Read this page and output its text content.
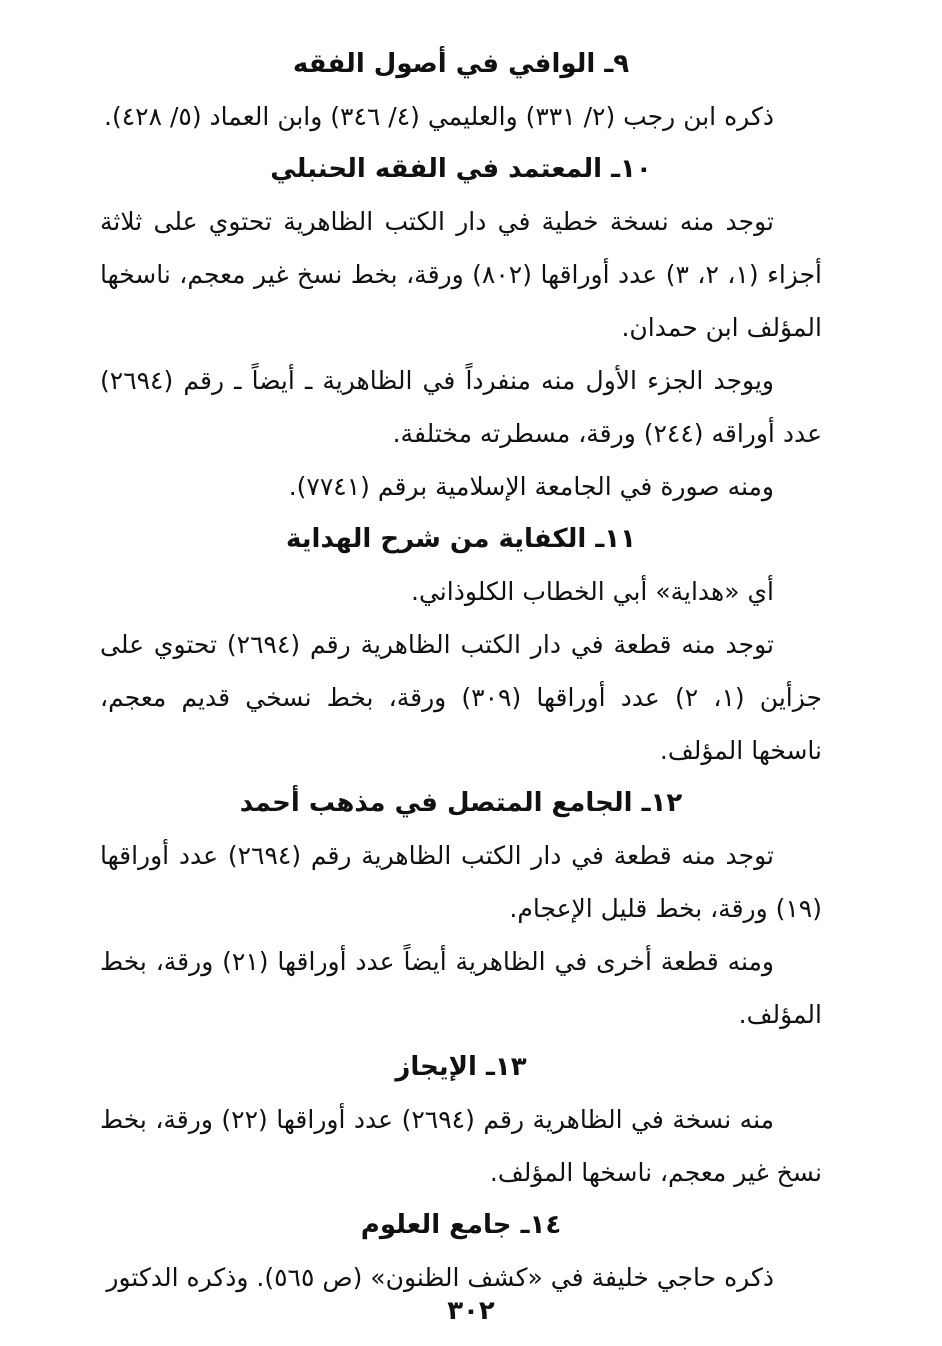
٩ـ الوافي في أصول الفقه

ذكره ابن رجب (٢/ ٣٣١) والعليمي (٤/ ٣٤٦) وابن العماد (٥/ ٤٢٨).

١٠ـ المعتمد في الفقه الحنبلي

توجد منه نسخة خطية في دار الكتب الظاهرية تحتوي على ثلاثة أجزاء (١، ٢، ٣) عدد أوراقها (٨٠٢) ورقة، بخط نسخ غير معجم، ناسخها المؤلف ابن حمدان.

ويوجد الجزء الأول منه منفرداً في الظاهرية ـ أيضاً ـ رقم (٢٦٩٤) عدد أوراقه (٢٤٤) ورقة، مسطرته مختلفة.

ومنه صورة في الجامعة الإسلامية برقم (٧٧٤١).

١١ـ الكفاية من شرح الهداية

أي «هداية» أبي الخطاب الكلوذاني.

توجد منه قطعة في دار الكتب الظاهرية رقم (٢٦٩٤) تحتوي على جزأين (١، ٢) عدد أوراقها (٣٠٩) ورقة، بخط نسخي قديم معجم، ناسخها المؤلف.

١٢ـ الجامع المتصل في مذهب أحمد

توجد منه قطعة في دار الكتب الظاهرية رقم (٢٦٩٤) عدد أوراقها (١٩) ورقة، بخط قليل الإعجام.

ومنه قطعة أخرى في الظاهرية أيضاً عدد أوراقها (٢١) ورقة، بخط المؤلف.

١٣ـ الإيجاز

منه نسخة في الظاهرية رقم (٢٦٩٤) عدد أوراقها (٢٢) ورقة، بخط نسخ غير معجم، ناسخها المؤلف.

١٤ـ جامع العلوم

ذكره حاجي خليفة في «كشف الظنون» (ص ٥٦٥). وذكره الدكتور

٣٠٢
